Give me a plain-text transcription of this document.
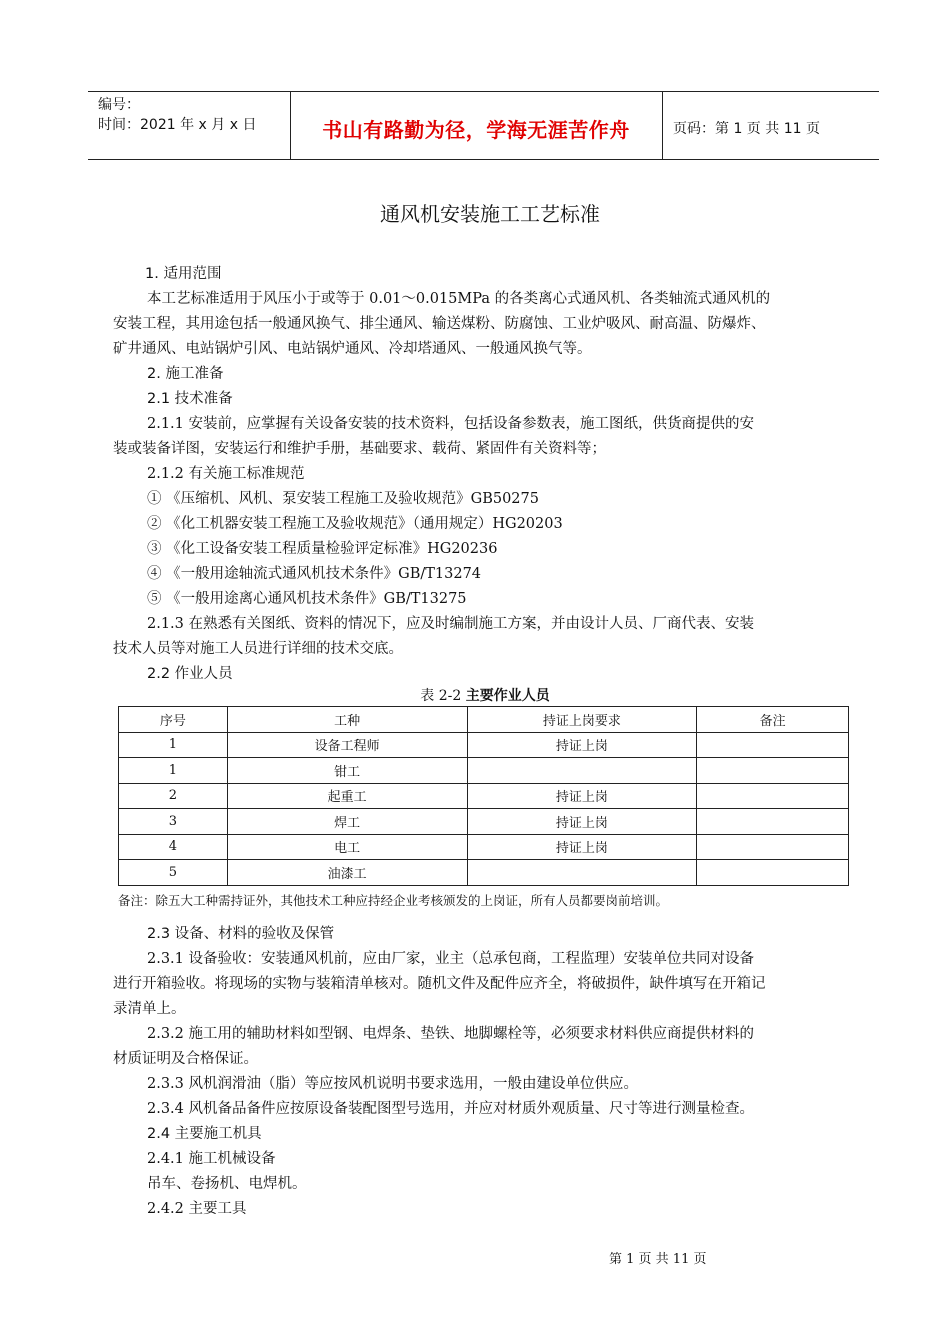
编号：
时间：2021 年 x 月 x 日	书山有路勤为径，学海无涯苦作舟	页码：第 1 页 共 11 页
通风机安装施工工艺标准
1. 适用范围
本工艺标准适用于风压小于或等于 0.01～0.015MPa 的各类离心式通风机、各类轴流式通风机的
安装工程，其用途包括一般通风换气、排尘通风、输送煤粉、防腐蚀、工业炉吸风、耐高温、防爆炸、
矿井通风、电站锅炉引风、电站锅炉通风、冷却塔通风、一般通风换气等。
2. 施工准备
2.1 技术准备
2.1.1 安装前，应掌握有关设备安装的技术资料，包括设备参数表，施工图纸，供货商提供的安
装或装备详图，安装运行和维护手册，基础要求、载荷、紧固件有关资料等；
2.1.2 有关施工标准规范
① 《压缩机、风机、泵安装工程施工及验收规范》GB50275
② 《化工机器安装工程施工及验收规范》（通用规定）HG20203
③ 《化工设备安装工程质量检验评定标准》HG20236
④ 《一般用途轴流式通风机技术条件》GB/T13274
⑤ 《一般用途离心通风机技术条件》GB/T13275
2.1.3 在熟悉有关图纸、资料的情况下，应及时编制施工方案，并由设计人员、厂商代表、安装
技术人员等对施工人员进行详细的技术交底。
2.2 作业人员
表 2-2 主要作业人员
序号	工种	持证上岗要求	备注
1	设备工程师	持证上岗	
1	钳工		
2	起重工	持证上岗	
3	焊工	持证上岗	
4	电工	持证上岗	
5	油漆工		
备注：除五大工种需持证外，其他技术工种应持经企业考核颁发的上岗证，所有人员都要岗前培训。
2.3 设备、材料的验收及保管
2.3.1 设备验收：安装通风机前，应由厂家，业主（总承包商，工程监理）安装单位共同对设备
进行开箱验收。将现场的实物与装箱清单核对。随机文件及配件应齐全，将破损件，缺件填写在开箱记
录清单上。
2.3.2 施工用的辅助材料如型钢、电焊条、垫铁、地脚螺栓等，必须要求材料供应商提供材料的
材质证明及合格保证。
2.3.3 风机润滑油（脂）等应按风机说明书要求选用，一般由建设单位供应。
2.3.4 风机备品备件应按原设备装配图型号选用，并应对材质外观质量、尺寸等进行测量检查。
2.4 主要施工机具
2.4.1 施工机械设备
吊车、卷扬机、电焊机。
2.4.2 主要工具
第 1 页 共 11 页
